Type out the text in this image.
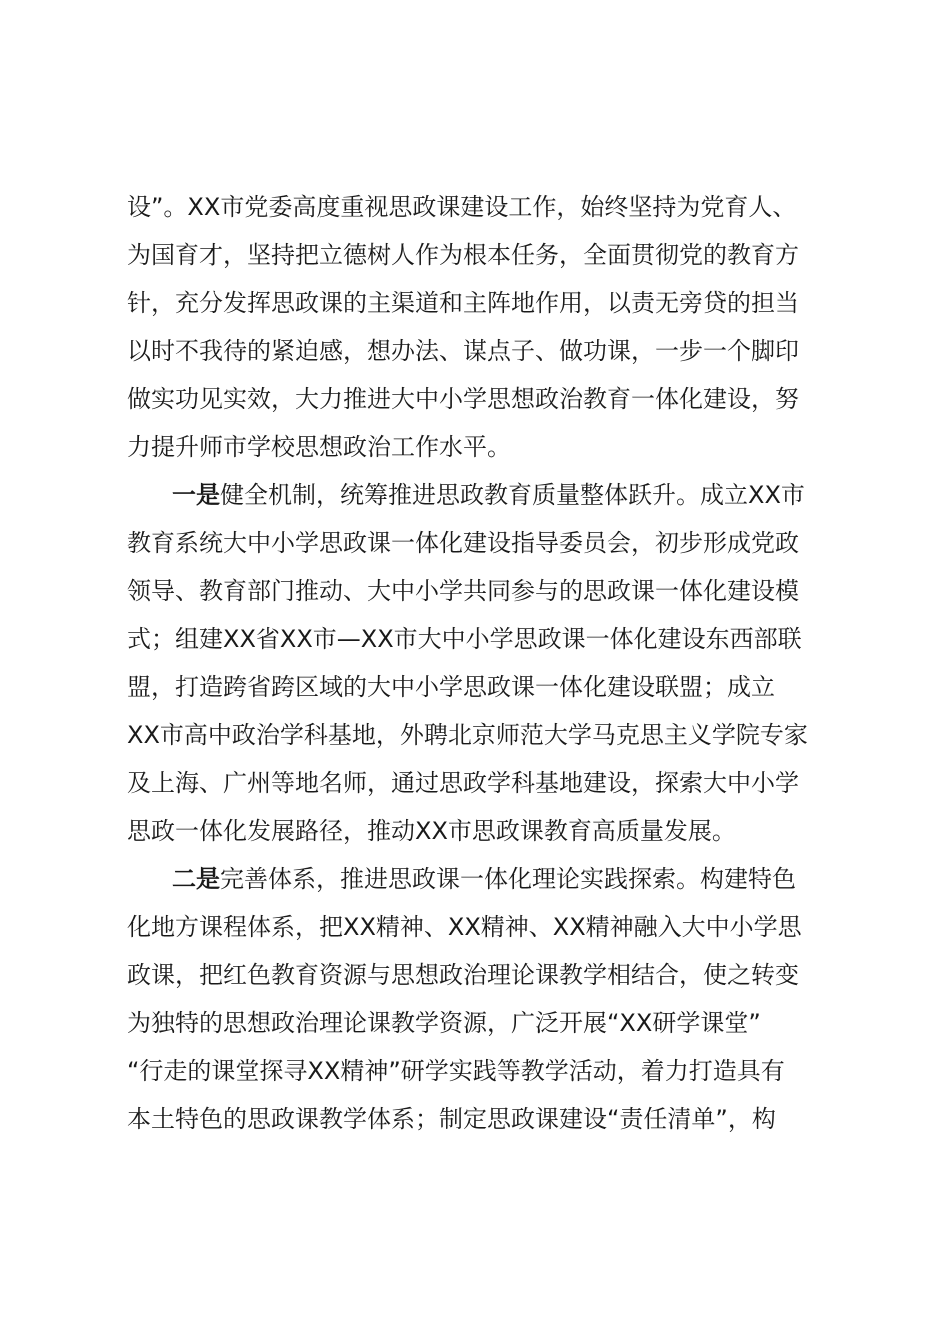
设”。XX市党委高度重视思政课建设工作，始终坚持为党育人、
为国育才，坚持把立德树人作为根本任务，全面贯彻党的教育方
针，充分发挥思政课的主渠道和主阵地作用，以责无旁贷的担当
以时不我待的紧迫感，想办法、谋点子、做功课，一步一个脚印
做实功见实效，大力推进大中小学思想政治教育一体化建设，努
力提升师市学校思想政治工作水平。
一是健全机制，统筹推进思政教育质量整体跃升。成立XX市
教育系统大中小学思政课一体化建设指导委员会，初步形成党政
领导、教育部门推动、大中小学共同参与的思政课一体化建设模
式；组建XX省XX市—XX市大中小学思政课一体化建设东西部联
盟，打造跨省跨区域的大中小学思政课一体化建设联盟；成立
XX市高中政治学科基地，外聘北京师范大学马克思主义学院专家
及上海、广州等地名师，通过思政学科基地建设，探索大中小学
思政一体化发展路径，推动XX市思政课教育高质量发展。
二是完善体系，推进思政课一体化理论实践探索。构建特色
化地方课程体系，把XX精神、XX精神、XX精神融入大中小学思
政课，把红色教育资源与思想政治理论课教学相结合，使之转变
为独特的思想政治理论课教学资源，广泛开展“XX研学课堂”
“行走的课堂探寻XX精神”研学实践等教学活动，着力打造具有
本土特色的思政课教学体系；制定思政课建设“责任清单”，构
